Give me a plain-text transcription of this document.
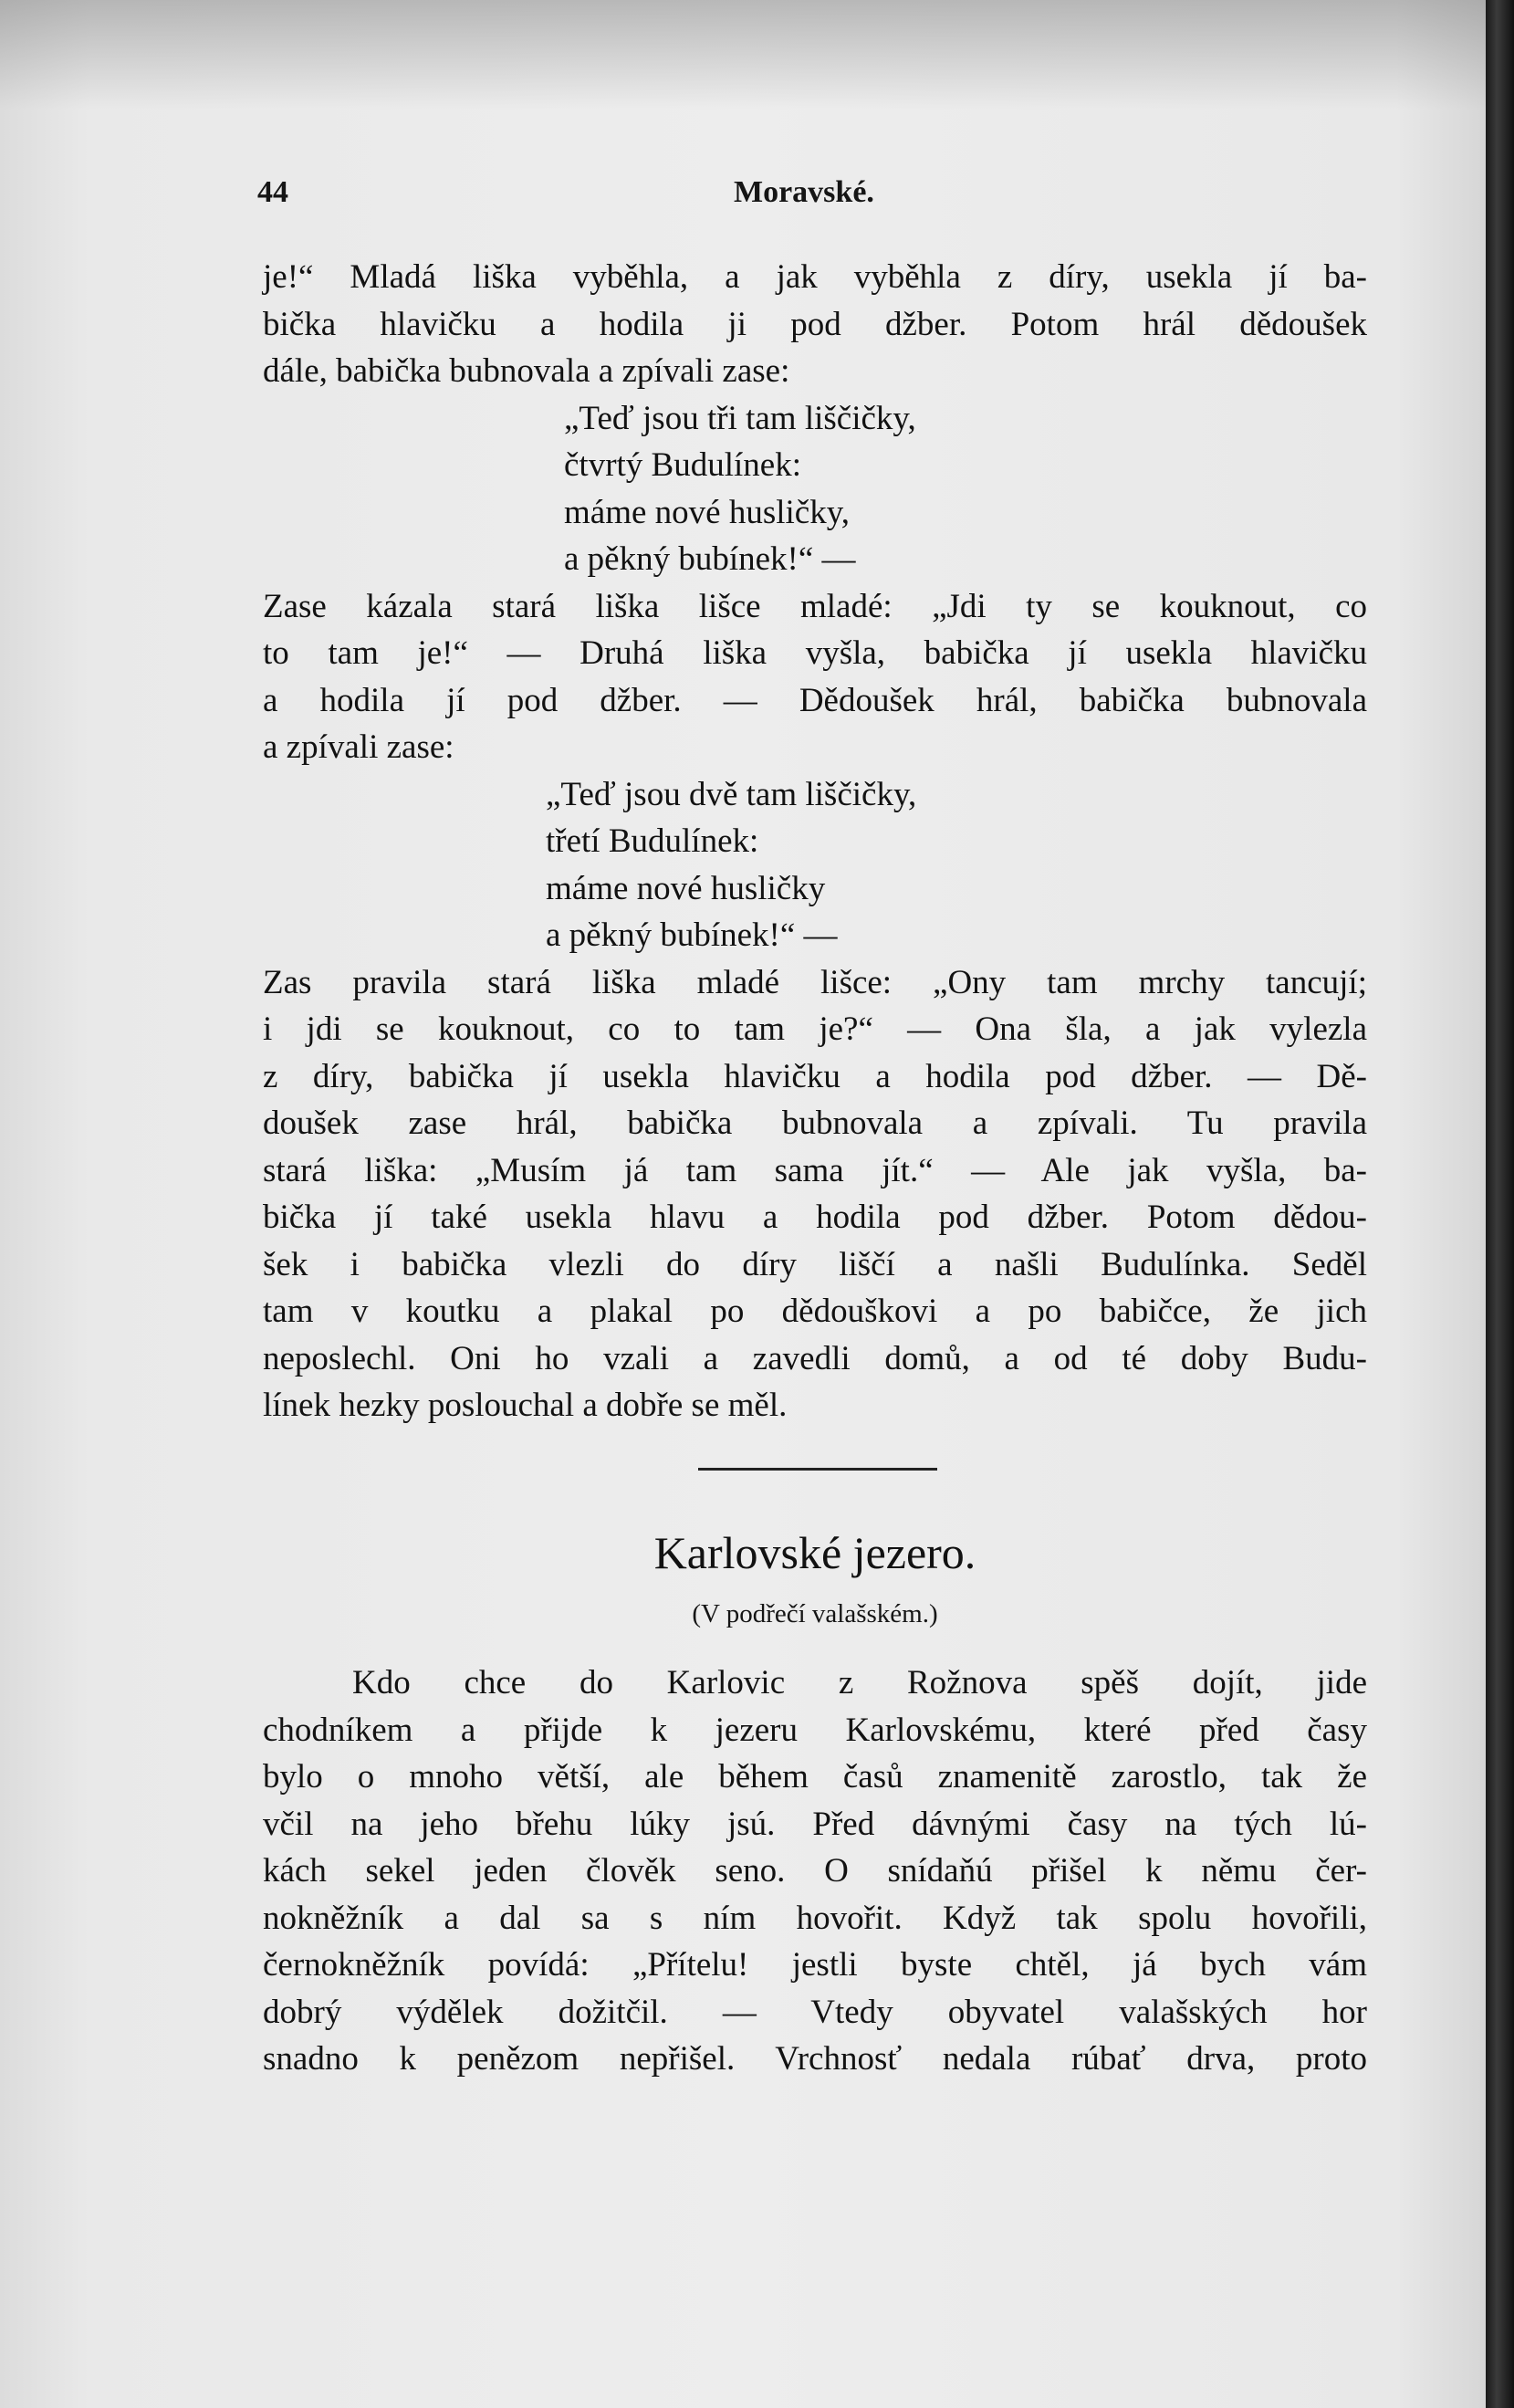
44	Moravské.
je!“ Mladá liška vyběhla, a jak vyběhla z díry, usekla jí ba-
bička hlavičku a hodila ji pod džber. Potom hrál dědoušek
dále, babička bubnovala a zpívali zase:
„Teď jsou tři tam liščičky,
čtvrtý Budulínek:
máme nové husličky,
a pěkný bubínek!“ —
Zase kázala stará liška lišce mladé: „Jdi ty se kouknout, co
to tam je!“ — Druhá liška vyšla, babička jí usekla hlavičku
a hodila jí pod džber. — Dědoušek hrál, babička bubnovala
a zpívali zase:
„Teď jsou dvě tam liščičky,
třetí Budulínek:
máme nové husličky
a pěkný bubínek!“ —
Zas pravila stará liška mladé lišce: „Ony tam mrchy tancují;
i jdi se kouknout, co to tam je?“ — Ona šla, a jak vylezla
z díry, babička jí usekla hlavičku a hodila pod džber. — Dě-
doušek zase hrál, babička bubnovala a zpívali. Tu pravila
stará liška: „Musím já tam sama jít.“ — Ale jak vyšla, ba-
bička jí také usekla hlavu a hodila pod džber. Potom dědou-
šek i babička vlezli do díry liščí a našli Budulínka. Seděl
tam v koutku a plakal po dědouškovi a po babičce, že jich
neposlechl. Oni ho vzali a zavedli domů, a od té doby Budu-
línek hezky poslouchal a dobře se měl.
Karlovské jezero.
(V podřečí valašském.)
Kdo chce do Karlovic z Rožnova spěš dojít, jide
chodníkem a přijde k jezeru Karlovskému, které před časy
bylo o mnoho větší, ale během časů znamenitě zarostlo, tak že
včil na jeho břehu lúky jsú. Před dávnými časy na tých lú-
kách sekel jeden člověk seno. O snídaňú přišel k němu čer-
nokněžník a dal sa s ním hovořit. Když tak spolu hovořili,
černokněžník povídá: „Přítelu! jestli byste chtěl, já bych vám
dobrý výdělek dožitčil. — Vtedy obyvatel valašských hor
snadno k penězom nepřišel. Vrchnosť nedala rúbať drva, proto
